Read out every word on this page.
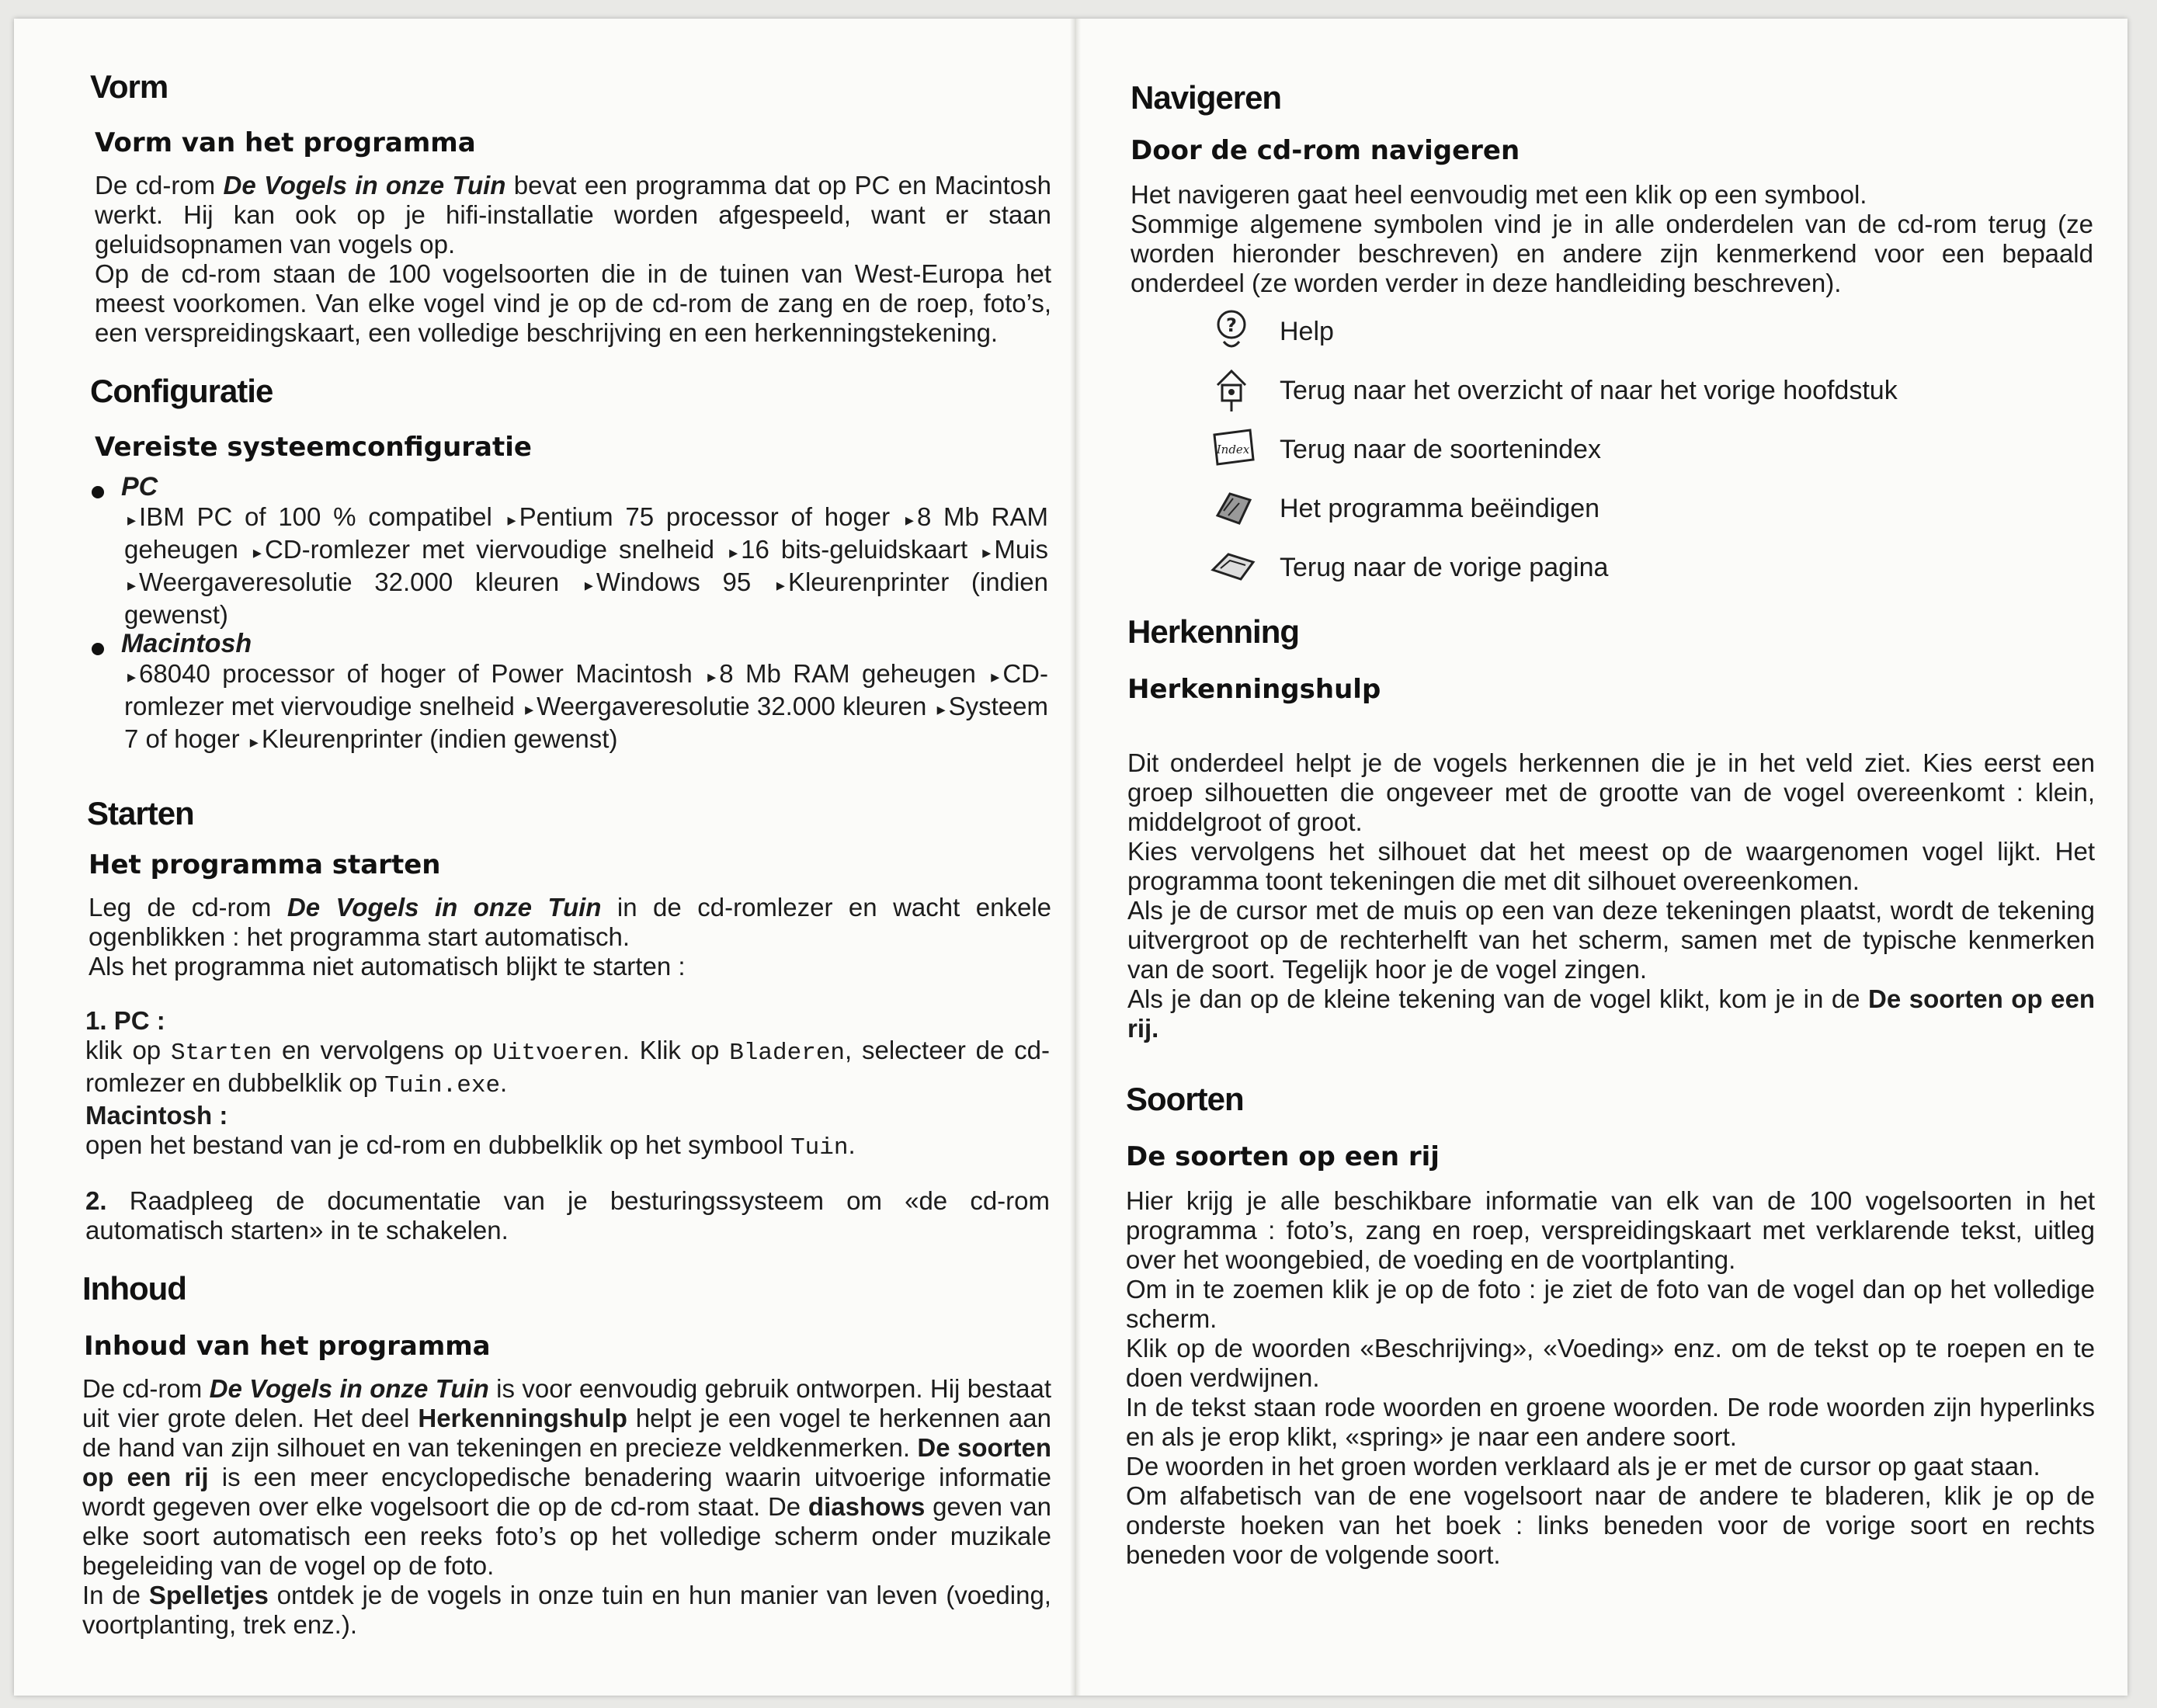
Vorm
Vorm van het programma
De cd-rom De Vogels in onze Tuin bevat een programma dat op PC en Macintosh werkt. Hij kan ook op je hifi-installatie worden afgespeeld, want er staan geluidsopnamen van vogels op.
Op de cd-rom staan de 100 vogelsoorten die in de tuinen van West-Europa het meest voorkomen. Van elke vogel vind je op de cd-rom de zang en de roep, foto’s, een verspreidingskaart, een volledige beschrijving en een herkenningstekening.
Configuratie
Vereiste systeemconfiguratie
PC
▸ IBM PC of 100 % compatibel ▸ Pentium 75 processor of hoger ▸ 8 Mb RAM geheugen ▸ CD-romlezer met viervoudige snelheid ▸ 16 bits-geluidskaart ▸ Muis ▸ Weergaveresolutie 32.000 kleuren ▸ Windows 95 ▸ Kleurenprinter (indien gewenst)
Macintosh
▸ 68040 processor of hoger of Power Macintosh ▸ 8 Mb RAM geheugen ▸ CD-romlezer met viervoudige snelheid ▸ Weergaveresolutie 32.000 kleuren ▸ Systeem 7 of hoger ▸ Kleurenprinter (indien gewenst)
Starten
Het programma starten
Leg de cd-rom De Vogels in onze Tuin in de cd-romlezer en wacht enkele ogenblikken : het programma start automatisch.
Als het programma niet automatisch blijkt te starten :
1. PC :
klik op Starten en vervolgens op Uitvoeren. Klik op Bladeren, selecteer de cd-romlezer en dubbelklik op Tuin.exe.
Macintosh :
open het bestand van je cd-rom en dubbelklik op het symbool Tuin.
2. Raadpleeg de documentatie van je besturingssysteem om «de cd-rom automatisch starten» in te schakelen.
Inhoud
Inhoud van het programma
De cd-rom De Vogels in onze Tuin is voor eenvoudig gebruik ontworpen. Hij bestaat uit vier grote delen. Het deel Herkenningshulp helpt je een vogel te herkennen aan de hand van zijn silhouet en van tekeningen en precieze veldkenmerken. De soorten op een rij is een meer encyclopedische benadering waarin uitvoerige informatie wordt gegeven over elke vogelsoort die op de cd-rom staat. De diashows geven van elke soort automatisch een reeks foto’s op het volledige scherm onder muzikale begeleiding van de vogel op de foto.
In de Spelletjes ontdek je de vogels in onze tuin en hun manier van leven (voeding, voortplanting, trek enz.).
Navigeren
Door de cd-rom navigeren
Het navigeren gaat heel eenvoudig met een klik op een symbool.
Sommige algemene symbolen vind je in alle onderdelen van de cd-rom terug (ze worden hieronder beschreven) en andere zijn kenmerkend voor een bepaald onderdeel (ze worden verder in deze handleiding beschreven).
? Help
Terug naar het overzicht of naar het vorige hoofdstuk
Index Terug naar de soortenindex
Het programma beëindigen
Terug naar de vorige pagina
Herkenning
Herkenningshulp
Dit onderdeel helpt je de vogels herkennen die je in het veld ziet. Kies eerst een groep silhouetten die ongeveer met de grootte van de vogel overeenkomt : klein, middelgroot of groot.
Kies vervolgens het silhouet dat het meest op de waargenomen vogel lijkt. Het programma toont tekeningen die met dit silhouet overeenkomen.
Als je de cursor met de muis op een van deze tekeningen plaatst, wordt de tekening uitvergroot op de rechterhelft van het scherm, samen met de typische kenmerken van de soort. Tegelijk hoor je de vogel zingen.
Als je dan op de kleine tekening van de vogel klikt, kom je in de De soorten op een rij.
Soorten
De soorten op een rij
Hier krijg je alle beschikbare informatie van elk van de 100 vogelsoorten in het programma : foto’s, zang en roep, verspreidingskaart met verklarende tekst, uitleg over het woongebied, de voeding en de voortplanting.
Om in te zoemen klik je op de foto : je ziet de foto van de vogel dan op het volledige scherm.
Klik op de woorden «Beschrijving», «Voeding» enz. om de tekst op te roepen en te doen verdwijnen.
In de tekst staan rode woorden en groene woorden. De rode woorden zijn hyperlinks en als je erop klikt, «spring» je naar een andere soort.
De woorden in het groen worden verklaard als je er met de cursor op gaat staan.
Om alfabetisch van de ene vogelsoort naar de andere te bladeren, klik je op de onderste hoeken van het boek : links beneden voor de vorige soort en rechts beneden voor de volgende soort.
